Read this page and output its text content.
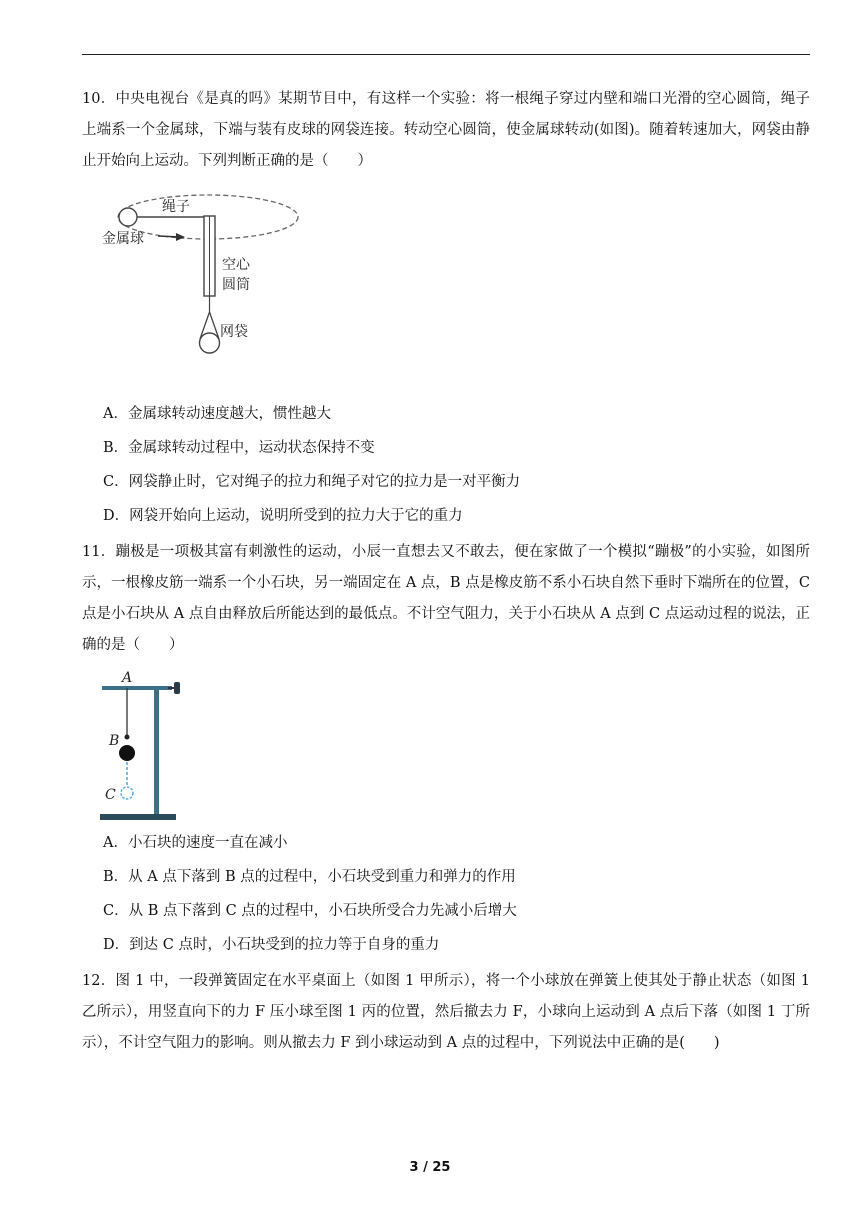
10．中央电视台《是真的吗》某期节目中，有这样一个实验：将一根绳子穿过内壁和端口光滑的空心圆筒，绳子上端系一个金属球，下端与装有皮球的网袋连接。转动空心圆筒，使金属球转动(如图)。随着转速加大，网袋由静止开始向上运动。下列判断正确的是（　　）

绳子
金属球
空心
圆筒
网袋
A．金属球转动速度越大，惯性越大
B．金属球转动过程中，运动状态保持不变
C．网袋静止时，它对绳子的拉力和绳子对它的拉力是一对平衡力
D．网袋开始向上运动，说明所受到的拉力大于它的重力

11．蹦极是一项极其富有刺激性的运动，小辰一直想去又不敢去，便在家做了一个模拟“蹦极”的小实验，如图所示，一根橡皮筋一端系一个小石块，另一端固定在 A 点，B 点是橡皮筋不系小石块自然下垂时下端所在的位置，C 点是小石块从 A 点自由释放后所能达到的最低点。不计空气阻力，关于小石块从 A 点到 C 点运动过程的说法，正确的是（　　）

A
B
C
A．小石块的速度一直在减小
B．从 A 点下落到 B 点的过程中，小石块受到重力和弹力的作用
C．从 B 点下落到 C 点的过程中，小石块所受合力先减小后增大
D．到达 C 点时，小石块受到的拉力等于自身的重力

12．图 1 中，一段弹簧固定在水平桌面上（如图 1 甲所示），将一个小球放在弹簧上使其处于静止状态（如图 1 乙所示），用竖直向下的力 F 压小球至图 1 丙的位置，然后撤去力 F，小球向上运动到 A 点后下落（如图 1 丁所示），不计空气阻力的影响。则从撤去力 F 到小球运动到 A 点的过程中，下列说法中正确的是(　　)

3 / 25
